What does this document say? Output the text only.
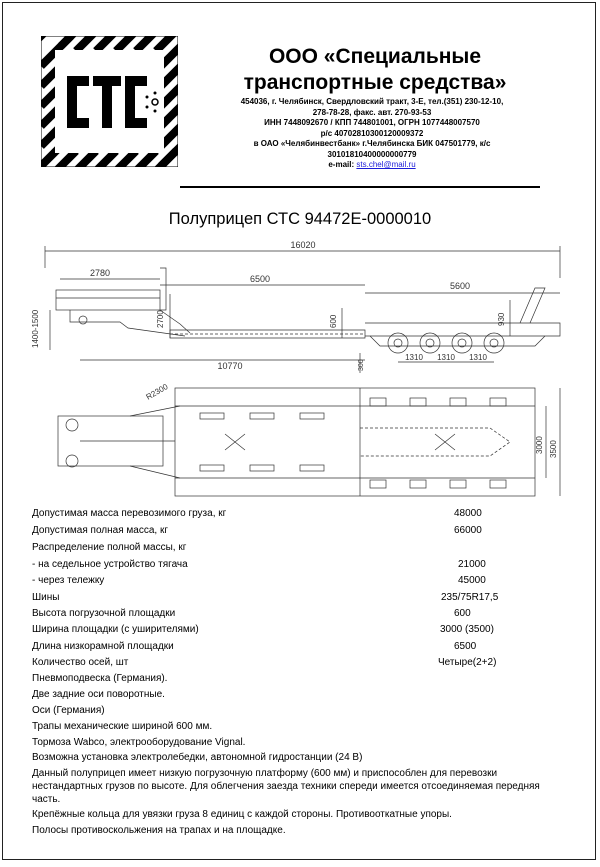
ООО «Специальные
транспортные средства»
454036, г. Челябинск, Свердловский тракт, 3-Е, тел.(351) 230-12-10,
278-78-28, факс. авт. 270-93-53
ИНН 7448092670 / КПП 744801001, ОГРН 1077448007570
р/с 40702810300120009372
в ОАО «Челябинвестбанк» г.Челябинска БИК 047501779, к/с
30101810400000000779
e-mail: sts.chel@mail.ru
Полуприцеп СТС 94472Е-0000010
16020
2780
6500
5600
1400-1500	2700	600	930
10770	300
1310 1310 1310
R2300
3000 3500
Допустимая масса перевозимого груза, кг	48000
Допустимая полная масса, кг	66000
Распределение полной массы, кг
- на седельное устройство тягача	21000
- через тележку	45000
Шины	235/75R17,5
Высота погрузочной площадки	600
Ширина площадки (с уширителями)	3000 (3500)
Длина низкорамной площадки	6500
Количество осей, шт	Четыре(2+2)
Пневмоподвеска (Германия).
Две задние оси поворотные.
Оси (Германия)
Трапы механические шириной 600 мм.
Тормоза Wabco, электрооборудование Vignal.
Возможна установка электролебедки, автономной гидростанции (24 В)
Данный полуприцеп имеет низкую погрузочную платформу (600 мм) и приспособлен для перевозки нестандартных грузов по высоте. Для облегчения заезда техники спереди имеется отсоединяемая передняя часть.
Крепёжные кольца для увязки груза 8 единиц с каждой стороны. Противооткатные упоры.
Полосы противоскольжения на трапах и на площадке.
